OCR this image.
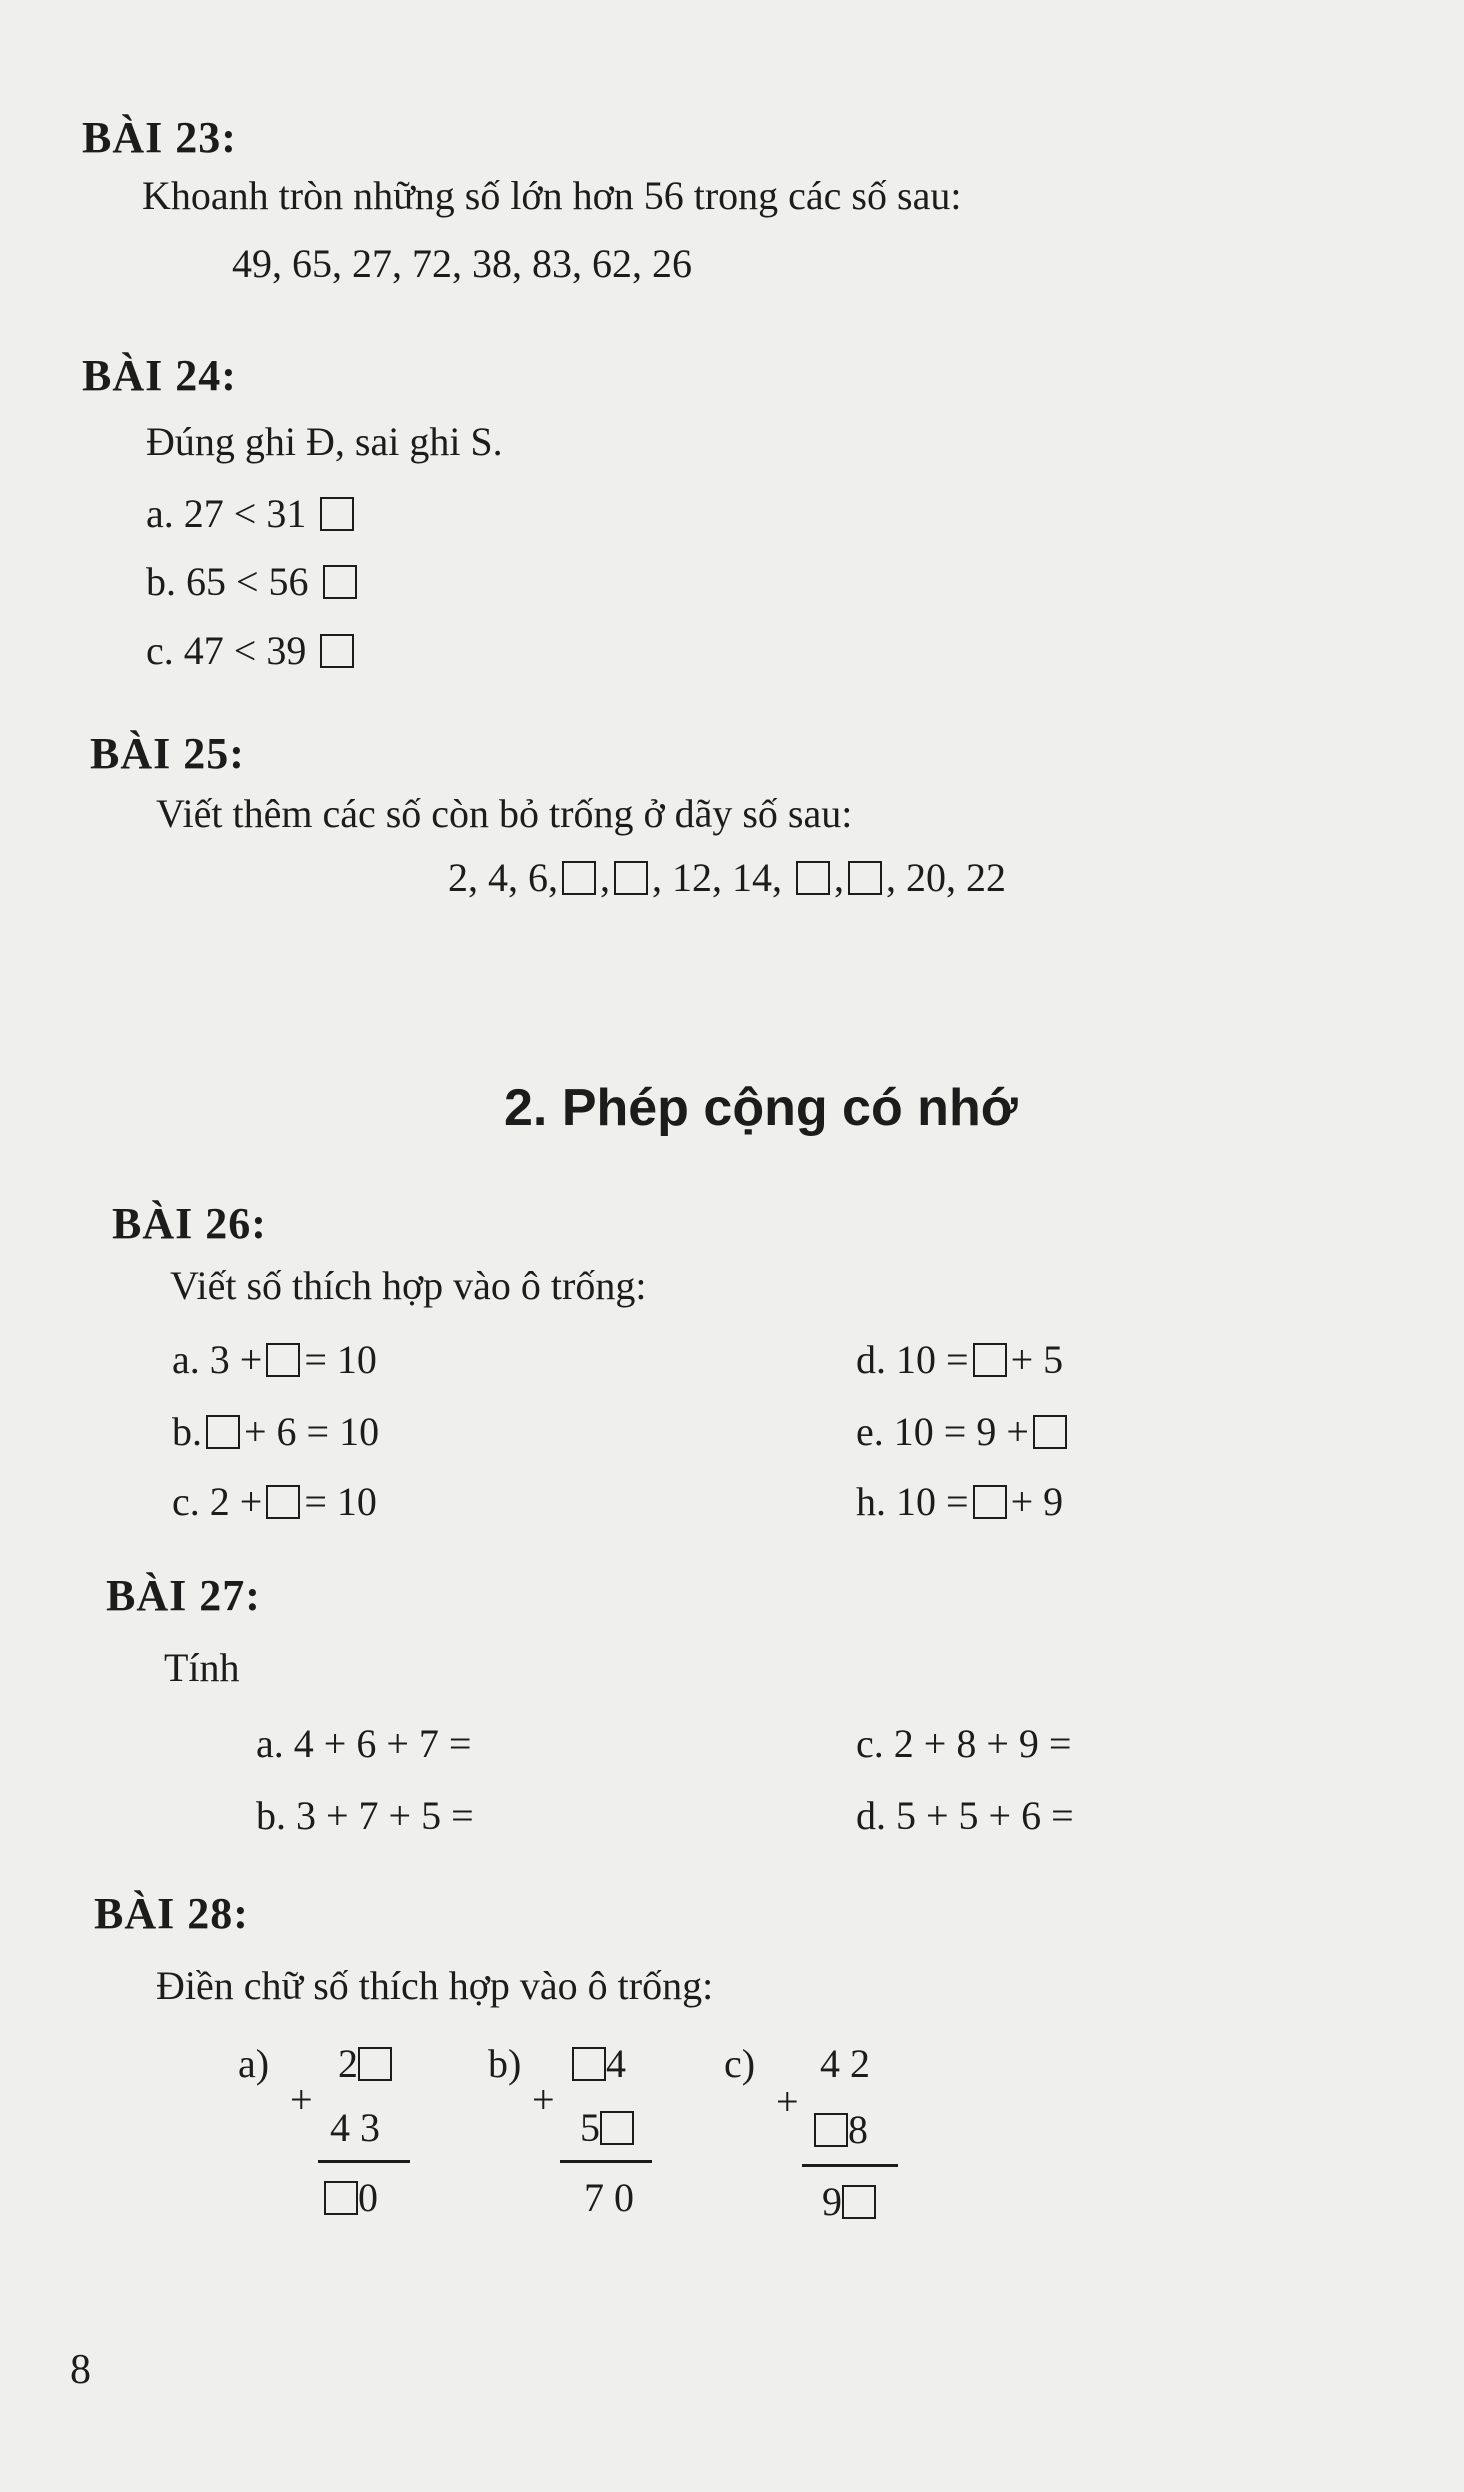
BÀI 23:
Khoanh tròn những số lớn hơn 56 trong các số sau:
49, 65, 27, 72, 38, 83, 62, 26
BÀI 24:
Đúng ghi Đ, sai ghi S.
a. 27 < 31
b. 65 < 56
c. 47 < 39
BÀI 25:
Viết thêm các số còn bỏ trống ở dãy số sau:
2, 4, 6, , , 12, 14, , , 20, 22
2. Phép cộng có nhớ
BÀI 26:
Viết số thích hợp vào ô trống:
a. 3 + = 10
b. + 6 = 10
c. 2 + = 10
d. 10 = + 5
e. 10 = 9 +
h. 10 = + 9
BÀI 27:
Tính
a. 4 + 6 + 7 =
b. 3 + 7 + 5 =
c. 2 + 8 + 9 =
d. 5 + 5 + 6 =
BÀI 28:
Điền chữ số thích hợp vào ô trống:
a)
+
2
4 3
0
b)
+
4
5
7 0
c)
+
4 2
8
9
8
